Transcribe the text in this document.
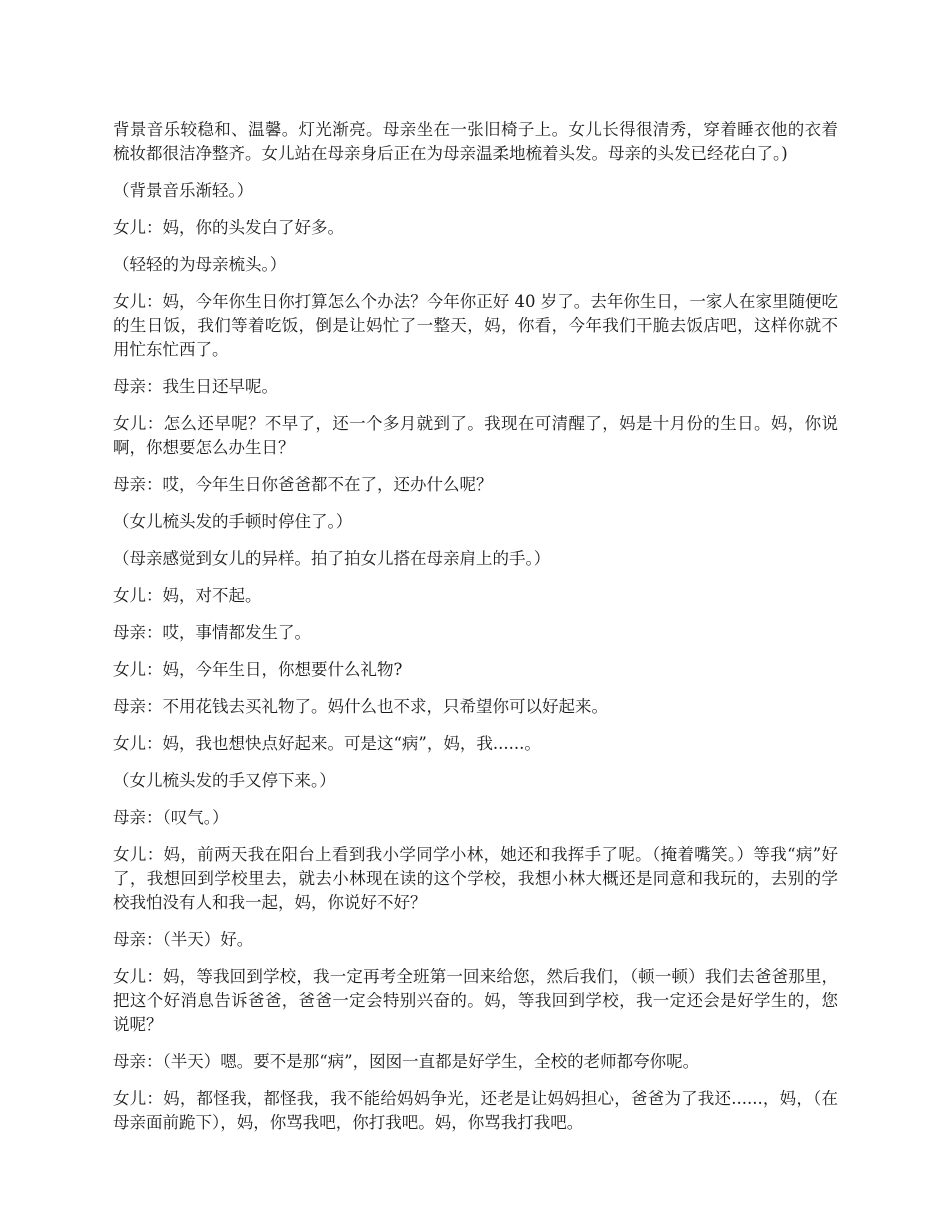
背景音乐较稳和、温馨。灯光渐亮。母亲坐在一张旧椅子上。女儿长得很清秀，穿着睡衣他的衣着梳妆都很洁净整齐。女儿站在母亲身后正在为母亲温柔地梳着头发。母亲的头发已经花白了。)

（背景音乐渐轻。）

女儿：妈，你的头发白了好多。

（轻轻的为母亲梳头。）

女儿：妈，今年你生日你打算怎么个办法？今年你正好 40 岁了。去年你生日，一家人在家里随便吃的生日饭，我们等着吃饭，倒是让妈忙了一整天，妈，你看，今年我们干脆去饭店吧，这样你就不用忙东忙西了。

母亲：我生日还早呢。

女儿：怎么还早呢？不早了，还一个多月就到了。我现在可清醒了，妈是十月份的生日。妈，你说啊，你想要怎么办生日？

母亲：哎，今年生日你爸爸都不在了，还办什么呢？

（女儿梳头发的手顿时停住了。）

（母亲感觉到女儿的异样。拍了拍女儿搭在母亲肩上的手。）

女儿：妈，对不起。

母亲：哎，事情都发生了。

女儿：妈，今年生日，你想要什么礼物?

母亲：不用花钱去买礼物了。妈什么也不求，只希望你可以好起来。

女儿：妈，我也想快点好起来。可是这“病”，妈，我......。

（女儿梳头发的手又停下来。）

母亲：（叹气。）

女儿：妈，前两天我在阳台上看到我小学同学小林，她还和我挥手了呢。（掩着嘴笑。）等我“病”好了，我想回到学校里去，就去小林现在读的这个学校，我想小林大概还是同意和我玩的，去别的学校我怕没有人和我一起，妈，你说好不好？

母亲：（半天）好。

女儿：妈，等我回到学校，我一定再考全班第一回来给您，然后我们，（顿一顿）我们去爸爸那里，把这个好消息告诉爸爸，爸爸一定会特别兴奋的。妈，等我回到学校，我一定还会是好学生的，您说呢？

母亲：（半天）嗯。要不是那“病”，囡囡一直都是好学生，全校的老师都夸你呢。

女儿：妈，都怪我，都怪我，我不能给妈妈争光，还老是让妈妈担心，爸爸为了我还......，妈，（在母亲面前跪下），妈，你骂我吧，你打我吧。妈，你骂我打我吧。
